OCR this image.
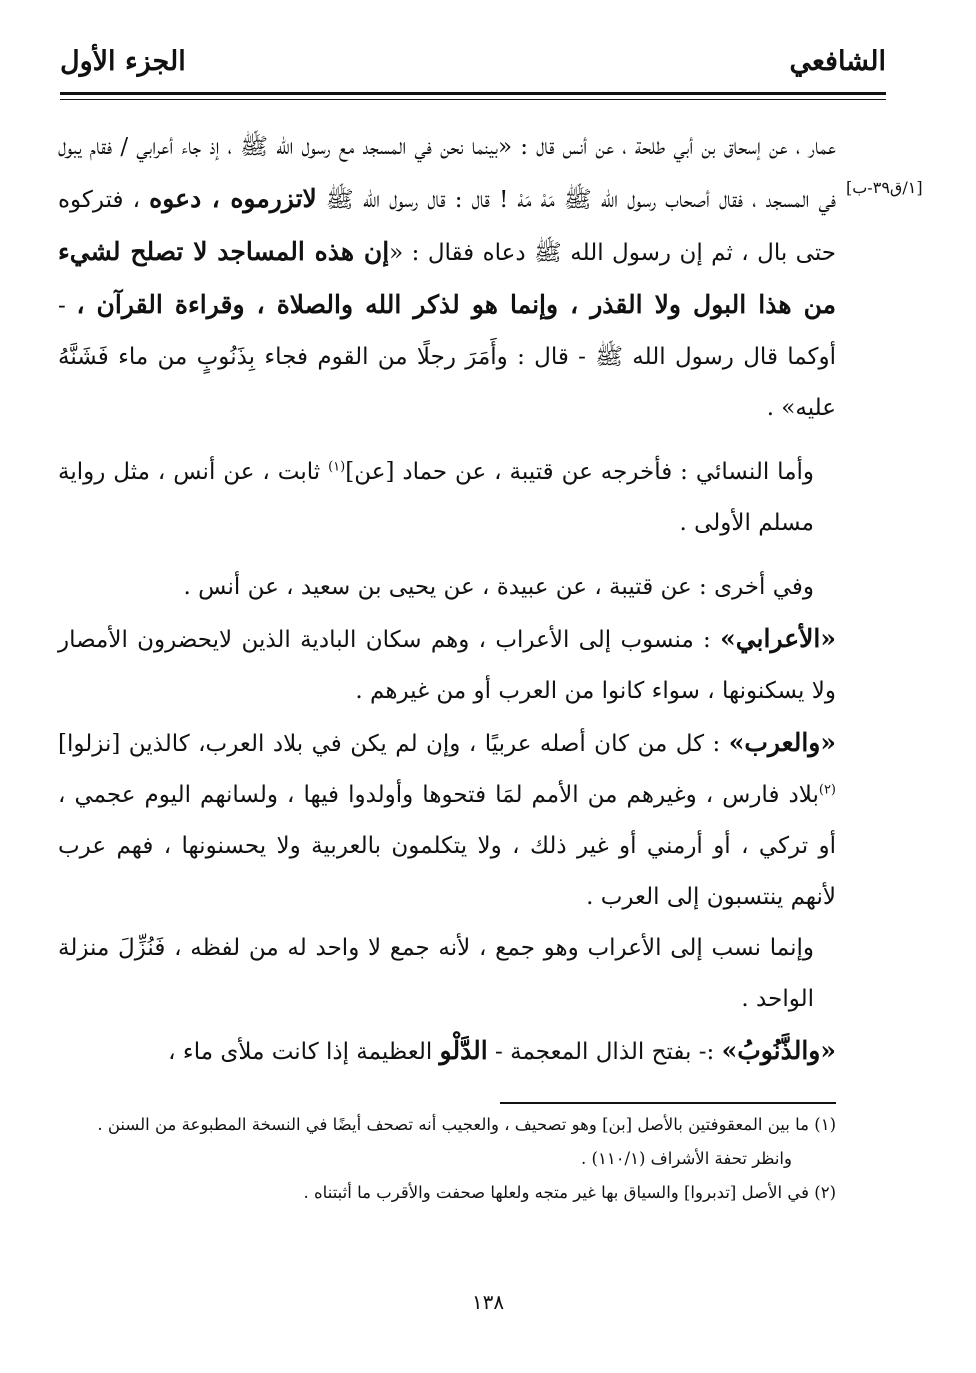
الشافعي
الجزء الأول
[١/ق٣٩-ب]

عمار ، عن إسحاق بن أبي طلحة ، عن أنس قال : «بينما نحن في المسجد مع رسول الله ﷺ ، إذ جاء أعرابي / فقام يبول في المسجد ، فقال أصحاب رسول الله ﷺ مَهْ مَهْ ! قال : قال رسول الله ﷺ لاتزرموه ، دعوه ، فتركوه حتى بال ، ثم إن رسول الله ﷺ دعاه فقال : «إن هذه المساجد لا تصلح لشيء من هذا البول ولا القذر ، وإنما هو لذكر الله والصلاة ، وقراءة القرآن ، - أوكما قال رسول الله ﷺ - قال : وأَمَرَ رجلًا من القوم فجاء بِذَنُوبٍ من ماء فَشَنَّهُ عليه» .

وأما النسائي : فأخرجه عن قتيبة ، عن حماد [عن]$^{(١)}$ ثابت ، عن أنس ، مثل رواية مسلم الأولى .

وفي أخرى : عن قتيبة ، عن عبيدة ، عن يحيى بن سعيد ، عن أنس .

«الأعرابي» : منسوب إلى الأعراب ، وهم سكان البادية الذين لايحضرون الأمصار ولا يسكنونها ، سواء كانوا من العرب أو من غيرهم .

«والعرب» : كل من كان أصله عربيًا ، وإن لم يكن في بلاد العرب، كالذين [نزلوا]$^{(٢)}$بلاد فارس ، وغيرهم من الأمم لمَا فتحوها وأولدوا فيها ، ولسانهم اليوم عجمي ، أو تركي ، أو أرمني أو غير ذلك ، ولا يتكلمون بالعربية ولا يحسنونها ، فهم عرب لأنهم ينتسبون إلى العرب .

وإنما نسب إلى الأعراب وهو جمع ، لأنه جمع لا واحد له من لفظه ، فَنُزِّلَ منزلة الواحد .

«والذَّنُوبُ» :- بفتح الذال المعجمة - الدَّلْو العظيمة إذا كانت ملأى ماء ،

(١) ما بين المعقوفتين بالأصل [بن] وهو تصحيف ، والعجيب أنه تصحف أيضًا في النسخة المطبوعة من السنن .

وانظر تحفة الأشراف (١١٠/١) .

(٢) في الأصل [تدبروا] والسياق بها غير متجه ولعلها صحفت والأقرب ما أثبتناه .

١٣٨
